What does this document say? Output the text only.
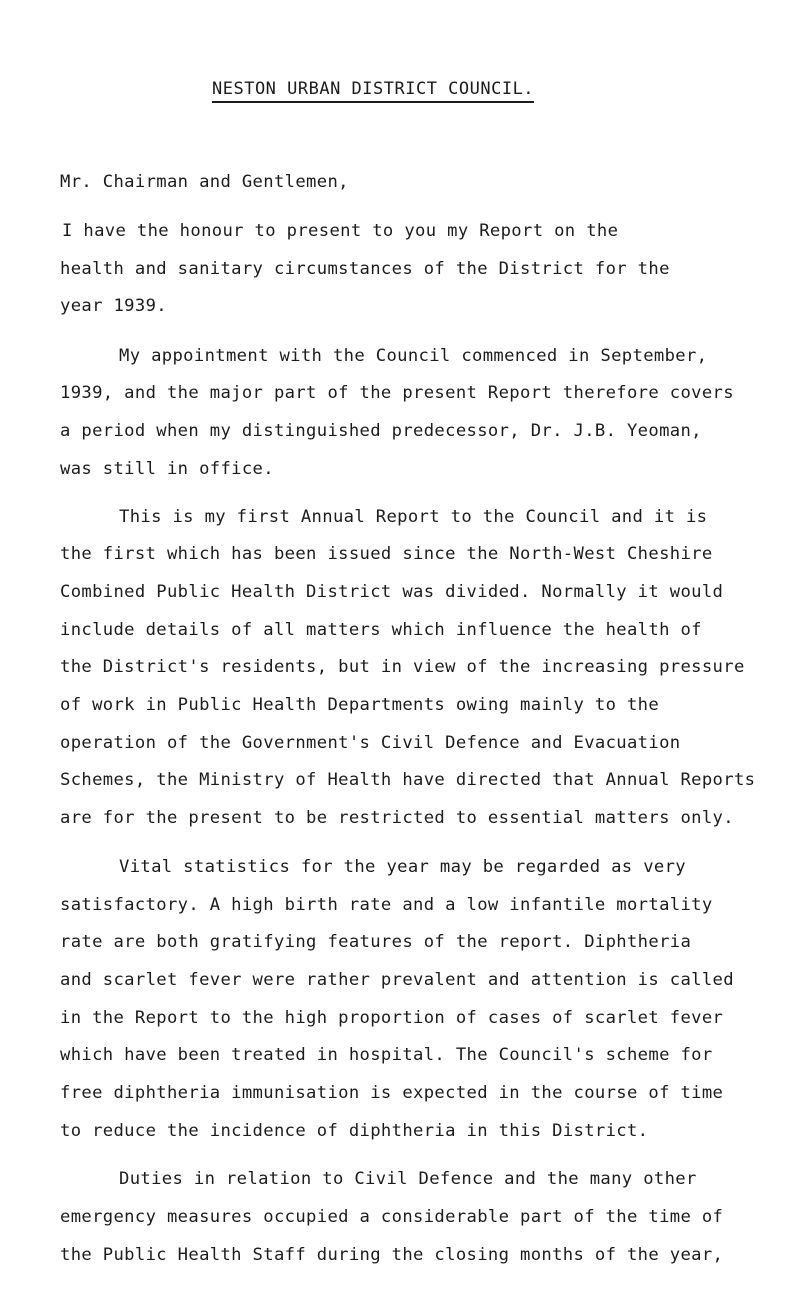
NESTON URBAN DISTRICT COUNCIL.
Mr. Chairman and Gentlemen,
I have the honour to present to you my Report on the
health and sanitary circumstances of the District for the
year 1939.
My appointment with the Council commenced in September,
1939, and the major part of the present Report therefore covers
a period when my distinguished predecessor, Dr. J.B. Yeoman,
was still in office.
This is my first Annual Report to the Council and it is
the first which has been issued since the North-West Cheshire
Combined Public Health District was divided. Normally it would
include details of all matters which influence the health of
the District's residents, but in view of the increasing pressure
of work in Public Health Departments owing mainly to the
operation of the Government's Civil Defence and Evacuation
Schemes, the Ministry of Health have directed that Annual Reports
are for the present to be restricted to essential matters only.
Vital statistics for the year may be regarded as very
satisfactory. A high birth rate and a low infantile mortality
rate are both gratifying features of the report. Diphtheria
and scarlet fever were rather prevalent and attention is called
in the Report to the high proportion of cases of scarlet fever
which have been treated in hospital. The Council's scheme for
free diphtheria immunisation is expected in the course of time
to reduce the incidence of diphtheria in this District.
Duties in relation to Civil Defence and the many other
emergency measures occupied a considerable part of the time of
the Public Health Staff during the closing months of the year,
